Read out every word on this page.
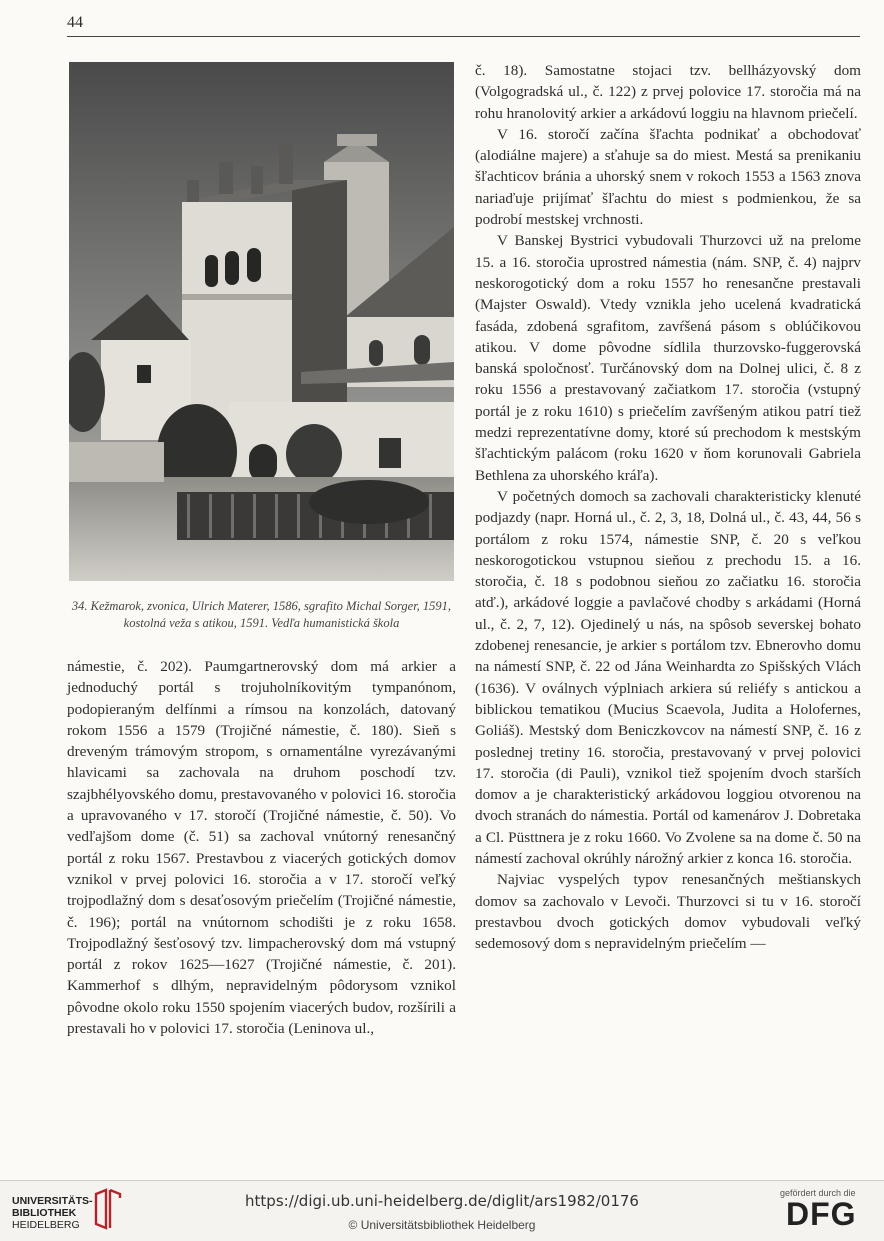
44
34. Kežmarok, zvonica, Ulrich Materer, 1586, sgrafito Michal Sorger, 1591, kostolná veža s atikou, 1591. Vedľa humanistická škola

námestie, č. 202). Paumgartnerovský dom má arkier a jednoduchý portál s trojuholníkovitým tympanónom, podopieraným delfínmi a rímsou na konzolách, datovaný rokom 1556 a 1579 (Trojičné námestie, č. 180). Sieň s dreveným trámovým stropom, s ornamentálne vyrezávanými hlavicami sa zachovala na druhom poschodí tzv. szajbhélyovského domu, prestavovaného v polovici 16. storočia a upravovaného v 17. storočí (Trojičné námestie, č. 50). Vo vedľajšom dome (č. 51) sa zachoval vnútorný renesančný portál z roku 1567. Prestavbou z viacerých gotických domov vznikol v prvej polovici 16. storočia a v 17. storočí veľký trojpodlažný dom s desaťosovým priečelím (Trojičné námestie, č. 196); portál na vnútornom schodišti je z roku 1658. Trojpodlažný šesťosový tzv. limpacherovský dom má vstupný portál z rokov 1625—1627 (Trojičné námestie, č. 201). Kammerhof s dlhým, nepravidelným pôdorysom vznikol pôvodne okolo roku 1550 spojením viacerých budov, rozšírili a prestavali ho v polovici 17. storočia (Leninova ul.,

č. 18). Samostatne stojaci tzv. bellházyovský dom (Volgogradská ul., č. 122) z prvej polovice 17. storočia má na rohu hranolovitý arkier a arkádovú loggiu na hlavnom priečelí.

V 16. storočí začína šľachta podnikať a obchodovať (alodiálne majere) a sťahuje sa do miest. Mestá sa prenikaniu šľachticov bránia a uhorský snem v rokoch 1553 a 1563 znova nariaďuje prijímať šľachtu do miest s podmienkou, že sa podrobí mestskej vrchnosti.

V Banskej Bystrici vybudovali Thurzovci už na prelome 15. a 16. storočia uprostred námestia (nám. SNP, č. 4) najprv neskorogotický dom a roku 1557 ho renesančne prestavali (Majster Oswald). Vtedy vznikla jeho ucelená kvadratická fasáda, zdobená sgrafitom, zavŕšená pásom s oblúčikovou atikou. V dome pôvodne sídlila thurzovsko-fuggerovská banská spoločnosť. Turčánovský dom na Dolnej ulici, č. 8 z roku 1556 a prestavovaný začiatkom 17. storočia (vstupný portál je z roku 1610) s priečelím zavŕšeným atikou patrí tiež medzi reprezentatívne domy, ktoré sú prechodom k mestským šľachtickým palácom (roku 1620 v ňom korunovali Gabriela Bethlena za uhorského kráľa).

V početných domoch sa zachovali charakteristicky klenuté podjazdy (napr. Horná ul., č. 2, 3, 18, Dolná ul., č. 43, 44, 56 s portálom z roku 1574, námestie SNP, č. 20 s veľkou neskorogotickou vstupnou sieňou z prechodu 15. a 16. storočia, č. 18 s podobnou sieňou zo začiatku 16. storočia atď.), arkádové loggie a pavlačové chodby s arkádami (Horná ul., č. 2, 7, 12). Ojedinelý u nás, na spôsob severskej bohato zdobenej renesancie, je arkier s portálom tzv. Ebnerovho domu na námestí SNP, č. 22 od Jána Weinhardta zo Spišských Vlách (1636). V oválnych výplniach arkiera sú reliéfy s antickou a biblickou tematikou (Mucius Scaevola, Judita a Holofernes, Goliáš). Mestský dom Beniczkovcov na námestí SNP, č. 16 z poslednej tretiny 16. storočia, prestavovaný v prvej polovici 17. storočia (di Pauli), vznikol tiež spojením dvoch starších domov a je charakteristický arkádovou loggiou otvorenou na dvoch stranách do námestia. Portál od kamenárov J. Dobretaka a Cl. Püsttnera je z roku 1660. Vo Zvolene sa na dome č. 50 na námestí zachoval okrúhly nárožný arkier z konca 16. storočia.

Najviac vyspelých typov renesančných meštianskych domov sa zachovalo v Levoči. Thurzovci si tu v 16. storočí prestavbou dvoch gotických domov vybudovali veľký sedemosový dom s nepravidelným priečelím —

UNIVERSITÄTS-
BIBLIOTHEK
HEIDELBERG
https://digi.ub.uni-heidelberg.de/diglit/ars1982/0176
© Universitätsbibliothek Heidelberg
gefördert durch die
DFG
